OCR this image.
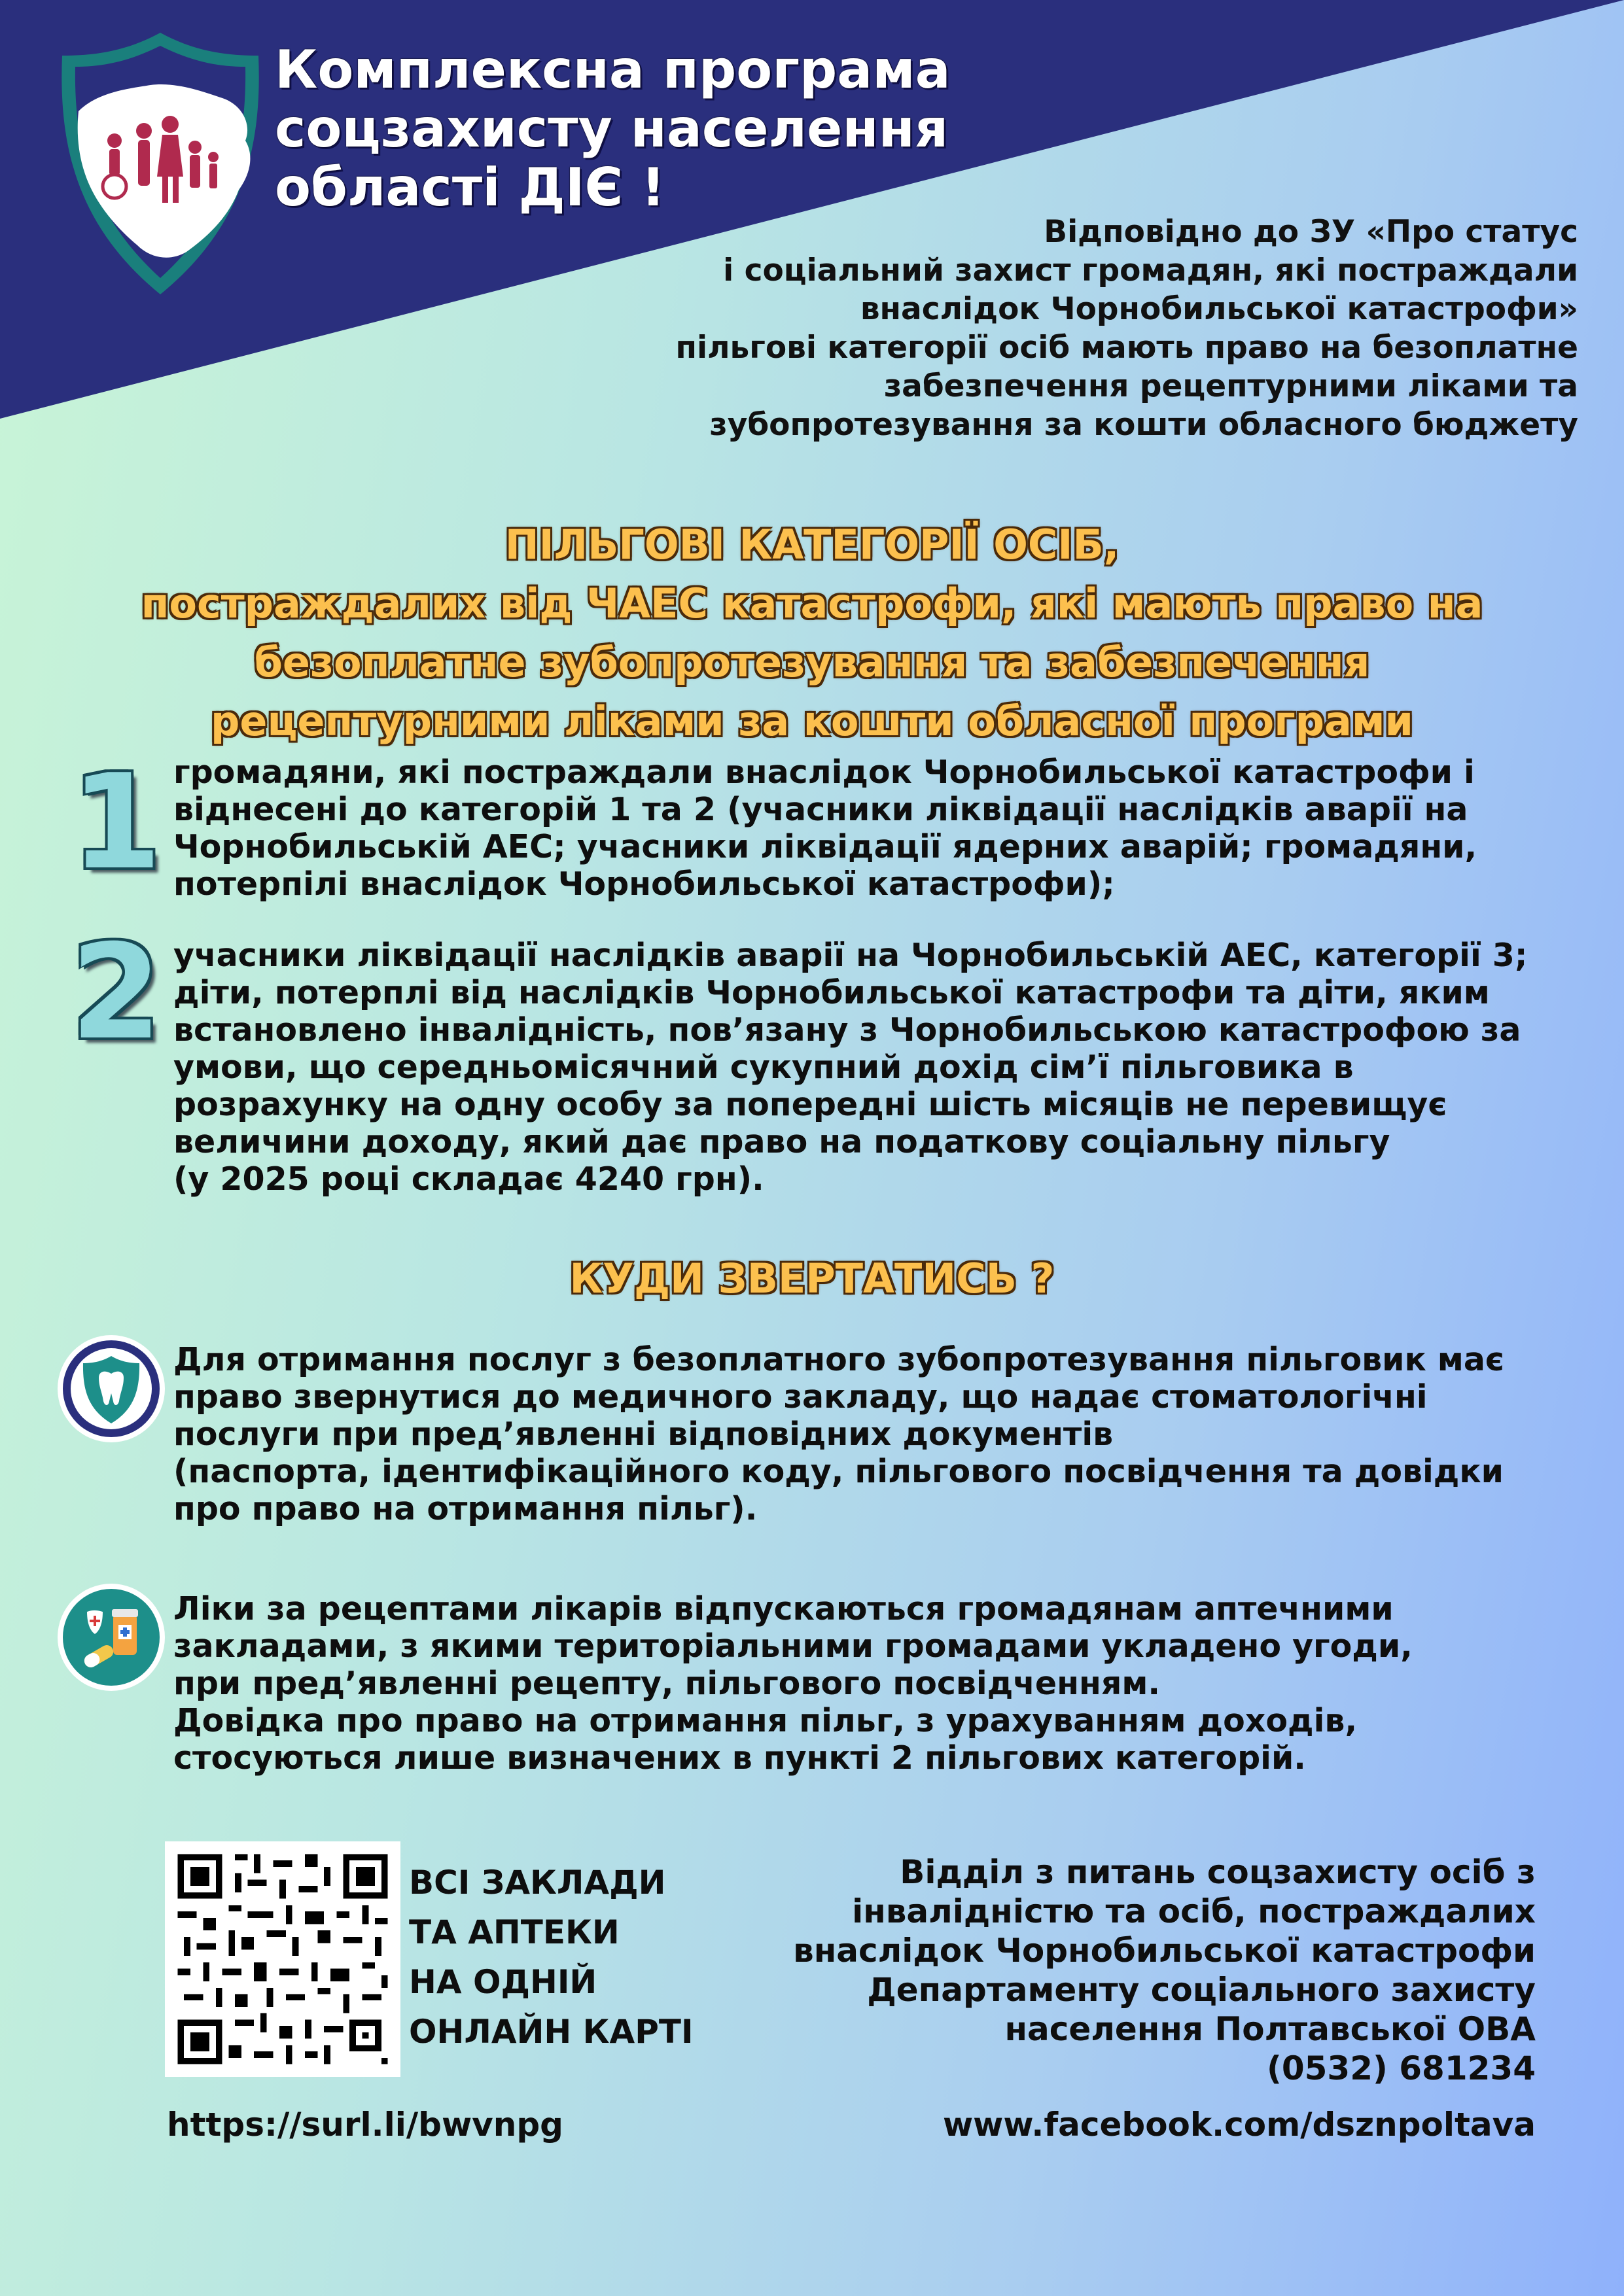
Комплексна програма
соцзахисту населення
області ДІЄ !
Відповідно до ЗУ «Про статус
і соціальний захист громадян, які постраждали
внаслідок Чорнобильської катастрофи»
пільгові категорії осіб мають право на безоплатне
забезпечення рецептурними ліками та
зубопротезування за кошти обласного бюджету
ПІЛЬГОВІ КАТЕГОРІЇ ОСІБ,
постраждалих від ЧАЕС катастрофи, які мають право на
безоплатне зубопротезування та забезпечення
рецептурними ліками за кошти обласної програми
1 громадяни, які постраждали внаслідок Чорнобильської катастрофи і
віднесені до категорій 1 та 2 (учасники ліквідації наслідків аварії на
Чорнобильській АЕС; учасники ліквідації ядерних аварій; громадяни,
потерпілі внаслідок Чорнобильської катастрофи);
2 учасники ліквідації наслідків аварії на Чорнобильській АЕС, категорії 3;
діти, потерплі від наслідків Чорнобильської катастрофи та діти, яким
встановлено інвалідність, пов’язану з Чорнобильською катастрофою за
умови, що середньомісячний сукупний дохід сім’ї пільговика в
розрахунку на одну особу за попередні шість місяців не перевищує
величини доходу, який дає право на податкову соціальну пільгу
(у 2025 році складає 4240 грн).
КУДИ ЗВЕРТАТИСЬ ?
Для отримання послуг з безоплатного зубопротезування пільговик має
право звернутися до медичного закладу, що надає стоматологічні
послуги при пред’явленні відповідних документів
(паспорта, ідентифікаційного коду, пільгового посвідчення та довідки
про право на отримання пільг).
Ліки за рецептами лікарів відпускаються громадянам аптечними
закладами, з якими територіальними громадами укладено угоди,
при пред’явленні рецепту, пільгового посвідченням.
Довідка про право на отримання пільг, з урахуванням доходів,
стосуються лише визначених в пункті 2 пільгових категорій.
ВСІ ЗАКЛАДИ
ТА АПТЕКИ
НА ОДНІЙ
ОНЛАЙН КАРТІ
Відділ з питань соцзахисту осіб з
інвалідністю та осіб, постраждалих
внаслідок Чорнобильської катастрофи
Департаменту соціального захисту
населення Полтавської ОВА
(0532) 681234
https://surl.li/bwvnpg	www.facebook.com/dsznpoltava
